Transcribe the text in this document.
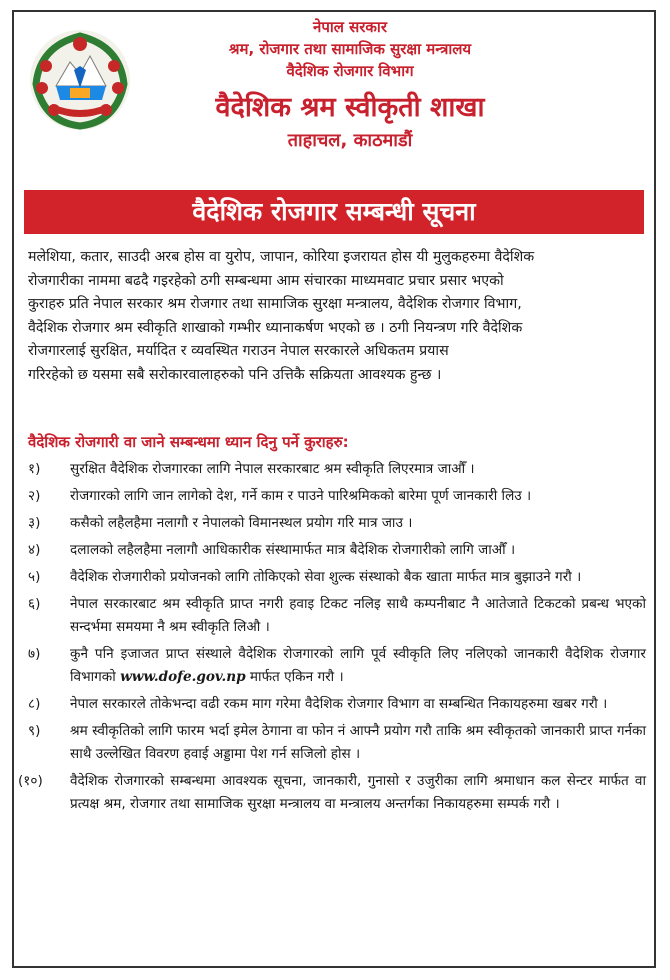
नेपाल सरकार
श्रम, रोजगार तथा सामाजिक सुरक्षा मन्त्रालय
वैदेशिक रोजगार विभाग
वैदेशिक श्रम स्वीकृती शाखा
ताहाचल, काठमाडौं
वैदेशिक रोजगार सम्बन्धी सूचना
मलेशिया, कतार, साउदी अरब होस वा युरोप, जापान, कोरिया इजरायत होस यी मुलुकहरुमा वैदेशिक
रोजगारीका नाममा बढदै गइरहेको ठगी सम्बन्धमा आम संचारका माध्यमवाट प्रचार प्रसार भएको
कुराहरु प्रति नेपाल सरकार श्रम रोजगार तथा सामाजिक सुरक्षा मन्त्रालय, वैदेशिक रोजगार विभाग,
वैदेशिक रोजगार श्रम स्वीकृति शाखाको गम्भीर ध्यानाकर्षण भएको छ । ठगी नियन्त्रण गरि वैदेशिक
रोजगारलाई सुरक्षित, मर्यादित र व्यवस्थित गराउन नेपाल सरकारले अधिकतम प्रयास
गरिरहेको छ यसमा सबै सरोकारवालाहरुको पनि उत्तिकै सक्रियता आवश्यक हुन्छ ।
वैदेशिक रोजगारी वा जाने सम्बन्धमा ध्यान दिनु पर्ने कुराहरु:
१)	सुरक्षित वैदेशिक रोजगारका लागि नेपाल सरकारबाट श्रम स्वीकृति लिएरमात्र जाऔँ ।
२)	रोजगारको लागि जान लागेको देश, गर्ने काम र पाउने पारिश्रमिकको बारेमा पूर्ण जानकारी लिउ ।
३)	कसैको लहैलहैमा नलागौ र नेपालको विमानस्थल प्रयोग गरि मात्र जाउ ।
४)	दलालको लहैलहैमा नलागौ आधिकारीक संस्थामार्फत मात्र बैदेशिक रोजगारीको लागि जाऔँ ।
५)	वैदेशिक रोजगारीको प्रयोजनको लागि तोकिएको सेवा शुल्क संस्थाको बैक खाता मार्फत मात्र बुझाउने गरौ ।
६)	नेपाल सरकारबाट श्रम स्वीकृति प्राप्त नगरी हवाइ टिकट नलिइ साथै कम्पनीबाट नै आतेजाते टिकटको प्रबन्ध भएको सन्दर्भमा समयमा नै श्रम स्वीकृति लिऔ ।
७)	कुनै पनि इजाजत प्राप्त संस्थाले वैदेशिक रोजगारको लागि पूर्व स्वीकृति लिए नलिएको जानकारी वैदेशिक रोजगार विभागको www.dofe.gov.np मार्फत एकिन गरौ ।
८)	नेपाल सरकारले तोकेभन्दा वढी रकम माग गरेमा वैदेशिक रोजगार विभाग वा सम्बन्धित निकायहरुमा खबर गरौ ।
९)	श्रम स्वीकृतिको लागि फारम भर्दा इमेल ठेगाना वा फोन नं आफ्नै प्रयोग गरौ ताकि श्रम स्वीकृतको जानकारी प्राप्त गर्नका साथै उल्लेखित विवरण हवाई अड्डामा पेश गर्न सजिलो होस ।
(१०)	वैदेशिक रोजगारको सम्बन्धमा आवश्यक सूचना, जानकारी, गुनासो र उजुरीका लागि श्रमाधान कल सेन्टर मार्फत वा प्रत्यक्ष श्रम, रोजगार तथा सामाजिक सुरक्षा मन्त्रालय वा मन्त्रालय अन्तर्गका निकायहरुमा सम्पर्क गरौ ।
